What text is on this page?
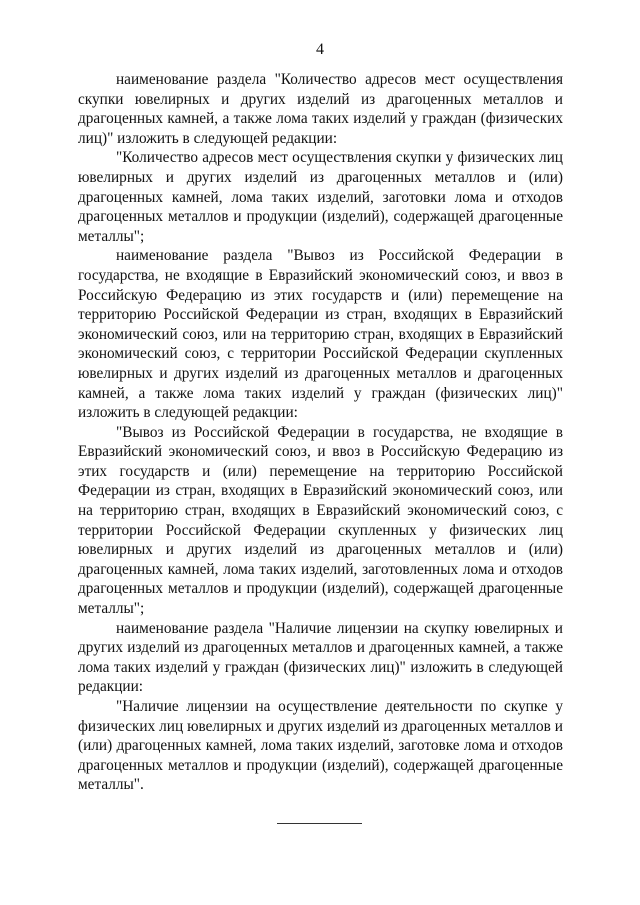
4

наименование раздела "Количество адресов мест осуществления скупки ювелирных и других изделий из драгоценных металлов и драгоценных камней, а также лома таких изделий у граждан (физических лиц)" изложить в следующей редакции:

"Количество адресов мест осуществления скупки у физических лиц ювелирных и других изделий из драгоценных металлов и (или) драгоценных камней, лома таких изделий, заготовки лома и отходов драгоценных металлов и продукции (изделий), содержащей драгоценные металлы";

наименование раздела "Вывоз из Российской Федерации в государства, не входящие в Евразийский экономический союз, и ввоз в Российскую Федерацию из этих государств и (или) перемещение на территорию Российской Федерации из стран, входящих в Евразийский экономический союз, или на территорию стран, входящих в Евразийский экономический союз, с территории Российской Федерации скупленных ювелирных и других изделий из драгоценных металлов и драгоценных камней, а также лома таких изделий у граждан (физических лиц)" изложить в следующей редакции:

"Вывоз из Российской Федерации в государства, не входящие в Евразийский экономический союз, и ввоз в Российскую Федерацию из этих государств и (или) перемещение на территорию Российской Федерации из стран, входящих в Евразийский экономический союз, или на территорию стран, входящих в Евразийский экономический союз, с территории Российской Федерации скупленных у физических лиц ювелирных и других изделий из драгоценных металлов и (или) драгоценных камней, лома таких изделий, заготовленных лома и отходов драгоценных металлов и продукции (изделий), содержащей драгоценные металлы";

наименование раздела "Наличие лицензии на скупку ювелирных и других изделий из драгоценных металлов и драгоценных камней, а также лома таких изделий у граждан (физических лиц)" изложить в следующей редакции:

"Наличие лицензии на осуществление деятельности по скупке у физических лиц ювелирных и других изделий из драгоценных металлов и (или) драгоценных камней, лома таких изделий, заготовке лома и отходов драгоценных металлов и продукции (изделий), содержащей драгоценные металлы".
